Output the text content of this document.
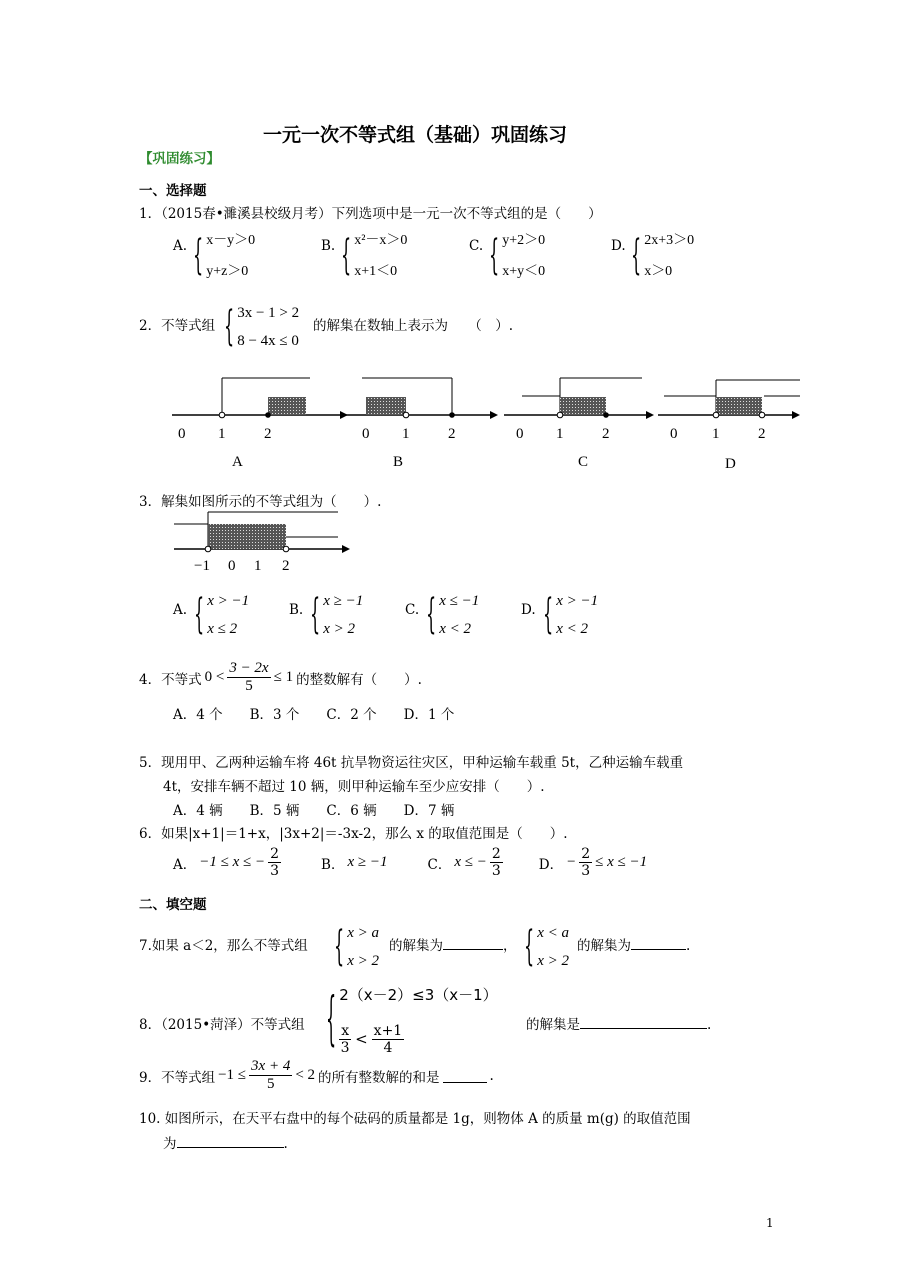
一元一次不等式组（基础）巩固练习
【巩固练习】
一、选择题
1．（2015春•濉溪县校级月考）下列选项中是一元一次不等式组的是（　　）
A. { x－y＞0
y+z＞0
B. { x²－x＞0
x+1＜0
C. { y+2＞0
x+y＜0
D. { 2x+3＞0
x＞0
2．不等式组 { 3x − 1 > 2
8 − 4x ≤ 0
的解集在数轴上表示为　　（　）.
0 1	2
A
0 1	2
B
0 1	2
C
0 1	2
D
3．解集如图所示的不等式组为（　　）.
−1 0 1 2
A. { x > −1
x ≤ 2
B. { x ≥ −1
x > 2
C. { x ≤ −1
x < 2
D. { x > −1
x < 2
4．不等式 $0 < \frac{3 - 2x}{5} \le 1$ 的整数解有（　　）.
A．4 个　　B．3 个　　C．2 个　　D．1 个
5．现用甲、乙两种运输车将 46t 抗旱物资运往灾区，甲种运输车载重 5t，乙种运输车载重
4t，安排车辆不超过 10 辆，则甲种运输车至少应安排（　　）.
A．4 辆　　B．5 辆　　C．6 辆　　D．7 辆
6．如果|x+1|＝1+x，|3x+2|＝-3x-2，那么 x 的取值范围是（　　）.
A． −1 ≤ x ≤ − $\frac{2}{3}$	B． x ≥ −1	C． x ≤ − $\frac{2}{3}$	D． − $\frac{2}{3} \le x \le -1$
二、填空题
7.如果 a＜2，那么不等式组 { x > a
x > 2
的解集为	， { x < a
x > 2
的解集为	.
8．（2015•菏泽）不等式组 { 2（x－2）≤3（x－1）
$\frac{x}{3} < \frac{x+1}{4}$	的解集是	.
9．不等式组 $-1 \le \frac{3x + 4}{5} < 2$ 的所有整数解的和是	.
10. 如图所示，在天平右盘中的每个砝码的质量都是 1g，则物体 A 的质量 m(g) 的取值范围
为	.
1
